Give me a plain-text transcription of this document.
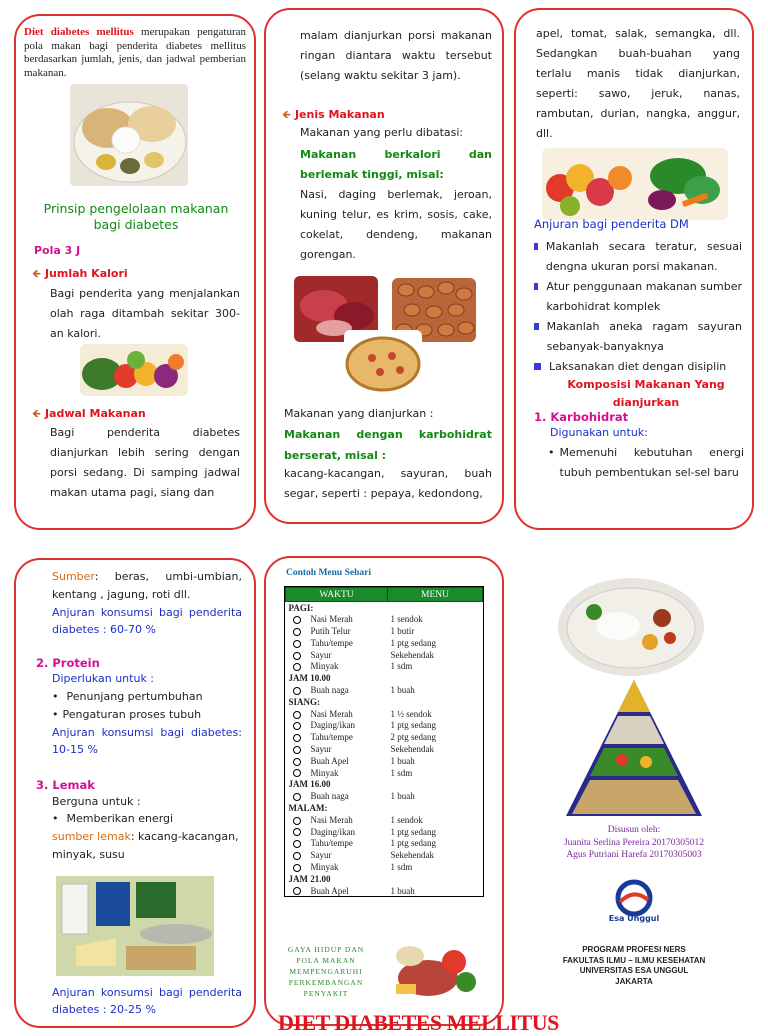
Diet diabetes mellitus merupakan pengaturan pola makan bagi penderita diabetes mellitus berdasarkan jumlah, jenis, dan jadwal pemberian makanan.

Prinsip pengelolaan makanan bagi diabetes
Pola 3 J
🡸 Jumlah Kalori

Bagi penderita yang menjalankan olah raga ditambah sekitar 300-an kalori.

🡸 Jadwal Makanan

Bagi penderita diabetes dianjurkan lebih sering dengan porsi sedang. Di samping jadwal makan utama pagi, siang dan

malam dianjurkan porsi makanan ringan diantara waktu tersebut (selang waktu sekitar 3 jam).

🡸 Jenis Makanan
Makanan yang perlu dibatasi:

Makanan berkalori dan berlemak tinggi, misal:

Nasi, daging berlemak, jeroan, kuning telur, es krim, sosis, cake, cokelat, dendeng, makanan gorengan.

Makanan yang dianjurkan :

Makanan dengan karbohidrat berserat, misal :

kacang-kacangan, sayuran, buah segar, seperti : pepaya, kedondong,

apel, tomat, salak, semangka, dll. Sedangkan buah-buahan yang terlalu manis tidak dianjurkan, seperti: sawo, jeruk, nanas, rambutan, durian, nangka, anggur, dll.

Anjuran bagi penderita DM
Makanlah secara teratur, sesuai dengna ukuran porsi makanan.
Atur penggunaan makanan sumber karbohidrat komplek
Makanlah aneka ragam sayuran sebanyak-banyaknya
Laksanakan diet dengan disiplin
Komposisi Makanan Yang dianjurkan
1. Karbohidrat
Digunakan untuk:
• Memenuhi kebutuhan energi tubuh pembentukan sel-sel baru

Sumber: beras, umbi-umbian, kentang , jagung, roti dll.

Anjuran konsumsi bagi penderita diabetes : 60-70 %

2. Protein
Diperlukan untuk :
• Penunjang pertumbuhan
• Pengaturan proses tubuh

Anjuran konsumsi bagi diabetes: 10-15 %

3. Lemak
Berguna untuk :
• Memberikan energi

sumber lemak: kacang-kacangan, minyak, susu

Anjuran konsumsi bagi penderita diabetes : 20-25 %

Contoh Menu Sehari
WAKTU	MENU
PAGI:	
Nasi Merah	1 sendok
Putih Telur	1 butir
Tahu/tempe	1 ptg sedang
Sayur	Sekehendak
Minyak	1 sdm
JAM 10.00	
Buah naga	1 buah
SIANG:	
Nasi Merah	1 ½ sendok
Daging/ikan	1 ptg sedang
Tahu/tempe	2 ptg sedang
Sayur	Sekehendak
Buah Apel	1 buah
Minyak	1 sdm
JAM 16.00	
Buah naga	1 buah
MALAM:	
Nasi Merah	1 sendok
Daging/ikan	1 ptg sedang
Tahu/tempe	1 ptg sedang
Sayur	Sekehendak
Minyak	1 sdm
JAM 21.00	
Buah Apel	1 buah
GAYA HIDUP DAN POLA MAKAN MEMPENGARUHI PERKEMBANGAN PENYAKIT
DIET DIABETES MELLITUS
Disusun oleh:
Juanita Serlina Pereira 20170305012
Agus Putriani Harefa 20170305003
Esa Unggul
PROGRAM PROFESI NERS
FAKULTAS ILMU – ILMU KESEHATAN
UNIVERSITAS ESA UNGGUL
JAKARTA
